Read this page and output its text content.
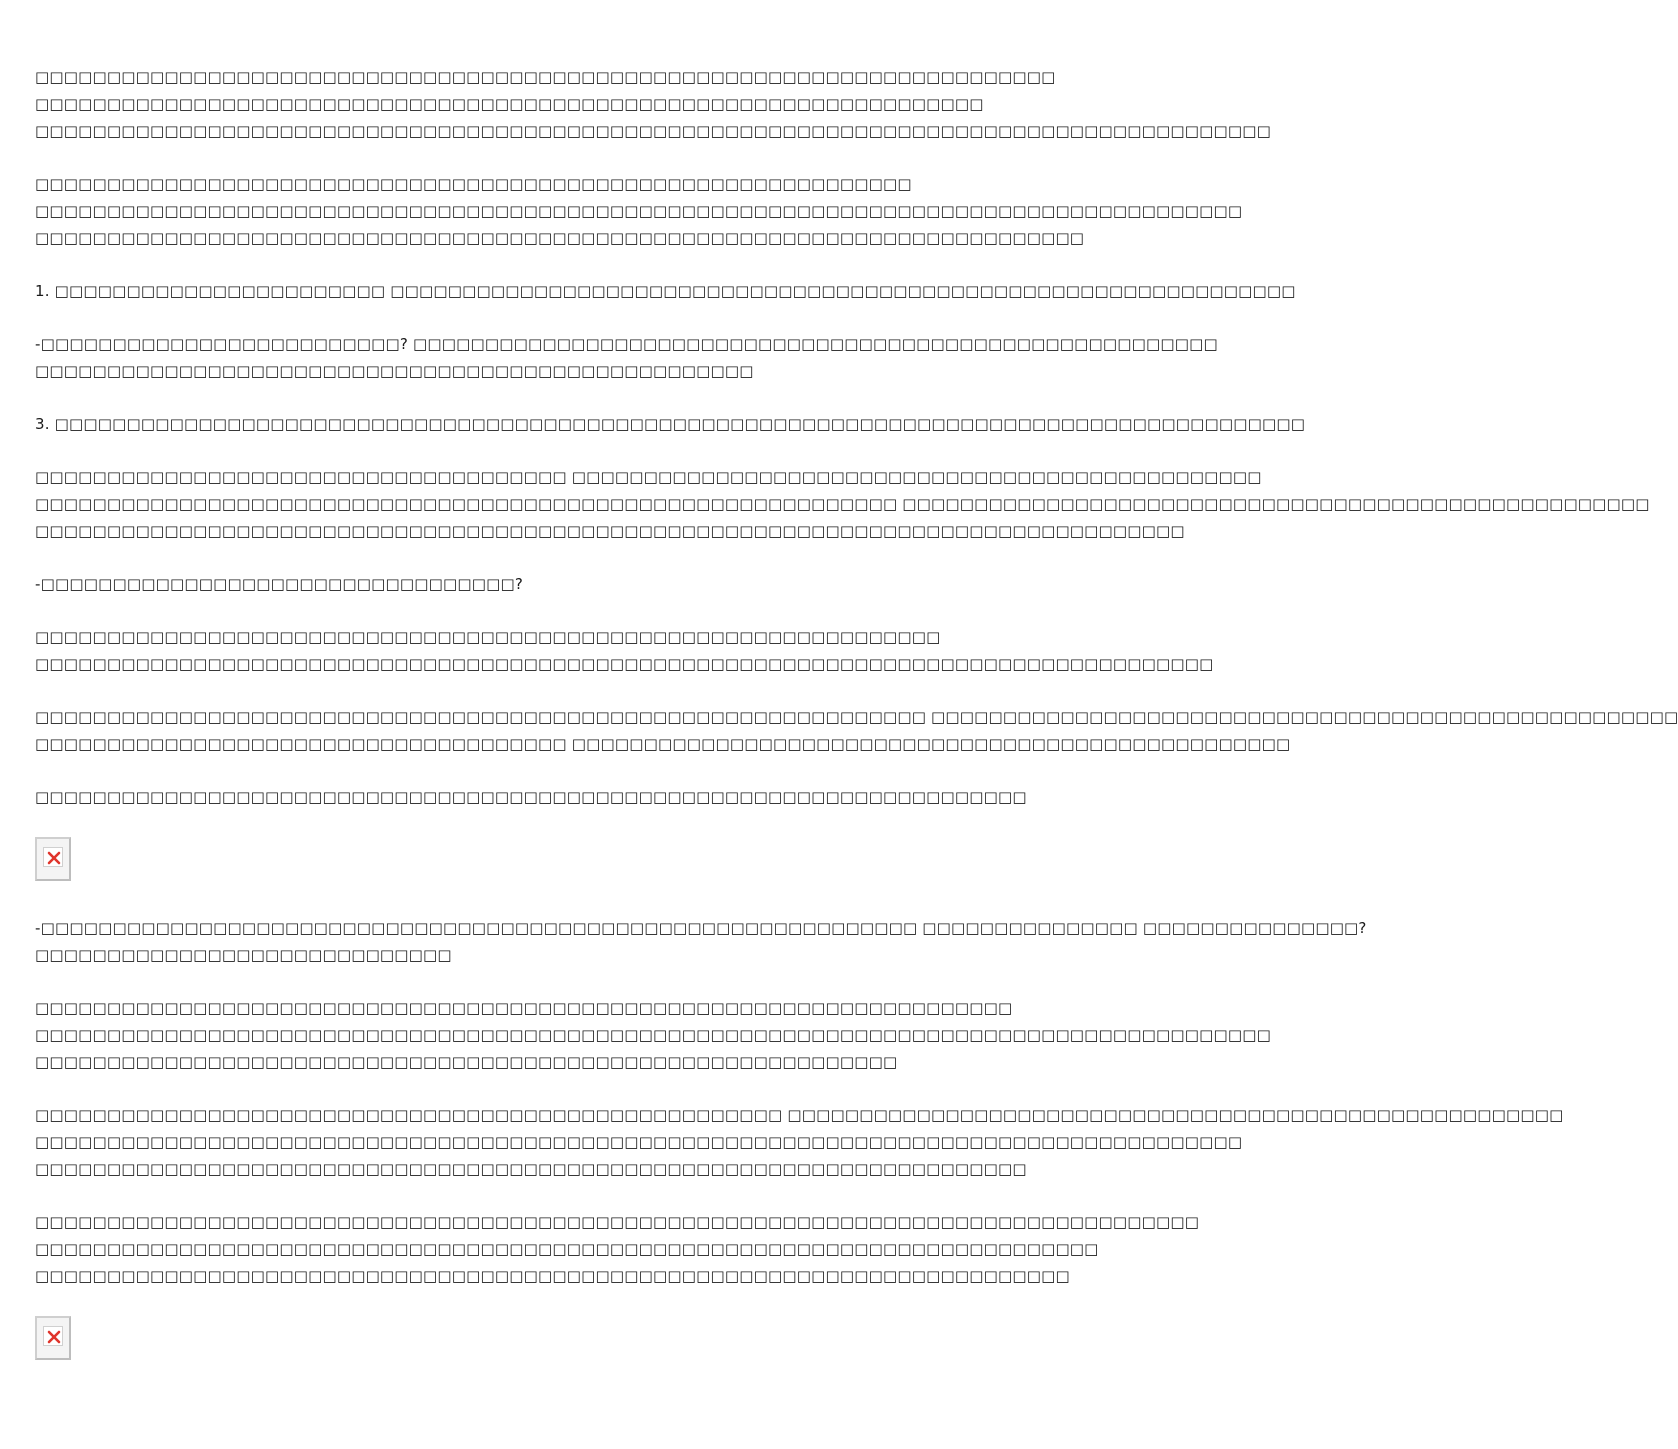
□□□□□□□□□□□□□□□□□□□□□□□□□□□□□□□□□□□□□□□□□□□□□□□□□□□□□□□□□□□□□□□□□□□□□□□
□□□□□□□□□□□□□□□□□□□□□□□□□□□□□□□□□□□□□□□□□□□□□□□□□□□□□□□□□□□□□□□□□□
□□□□□□□□□□□□□□□□□□□□□□□□□□□□□□□□□□□□□□□□□□□□□□□□□□□□□□□□□□□□□□□□□□□□□□□□□□□□□□□□□□□□□□

□□□□□□□□□□□□□□□□□□□□□□□□□□□□□□□□□□□□□□□□□□□□□□□□□□□□□□□□□□□□□
□□□□□□□□□□□□□□□□□□□□□□□□□□□□□□□□□□□□□□□□□□□□□□□□□□□□□□□□□□□□□□□□□□□□□□□□□□□□□□□□□□□□
□□□□□□□□□□□□□□□□□□□□□□□□□□□□□□□□□□□□□□□□□□□□□□□□□□□□□□□□□□□□□□□□□□□□□□□□□

1. □□□□□□□□□□□□□□□□□□□□□□□ □□□□□□□□□□□□□□□□□□□□□□□□□□□□□□□□□□□□□□□□□□□□□□□□□□□□□□□□□□□□□□□

-□□□□□□□□□□□□□□□□□□□□□□□□□? □□□□□□□□□□□□□□□□□□□□□□□□□□□□□□□□□□□□□□□□□□□□□□□□□□□□□□□□
□□□□□□□□□□□□□□□□□□□□□□□□□□□□□□□□□□□□□□□□□□□□□□□□□□

3. □□□□□□□□□□□□□□□□□□□□□□□□□□□□□□□□□□□□□□□□□□□□□□□□□□□□□□□□□□□□□□□□□□□□□□□□□□□□□□□□□□□□□□□

□□□□□□□□□□□□□□□□□□□□□□□□□□□□□□□□□□□□□ □□□□□□□□□□□□□□□□□□□□□□□□□□□□□□□□□□□□□□□□□□□□□□□□
□□□□□□□□□□□□□□□□□□□□□□□□□□□□□□□□□□□□□□□□□□□□□□□□□□□□□□□□□□□□ □□□□□□□□□□□□□□□□□□□□□□□□□□□□□□□□□□□□□□□□□□□□□□□□□□□□
□□□□□□□□□□□□□□□□□□□□□□□□□□□□□□□□□□□□□□□□□□□□□□□□□□□□□□□□□□□□□□□□□□□□□□□□□□□□□□□□

-□□□□□□□□□□□□□□□□□□□□□□□□□□□□□□□□□?

□□□□□□□□□□□□□□□□□□□□□□□□□□□□□□□□□□□□□□□□□□□□□□□□□□□□□□□□□□□□□□□
□□□□□□□□□□□□□□□□□□□□□□□□□□□□□□□□□□□□□□□□□□□□□□□□□□□□□□□□□□□□□□□□□□□□□□□□□□□□□□□□□□

□□□□□□□□□□□□□□□□□□□□□□□□□□□□□□□□□□□□□□□□□□□□□□□□□□□□□□□□□□□□□□ □□□□□□□□□□□□□□□□□□□□□□□□□□□□□□□□□□□□□□□□□□□□□□□□□□□□
□□□□□□□□□□□□□□□□□□□□□□□□□□□□□□□□□□□□□ □□□□□□□□□□□□□□□□□□□□□□□□□□□□□□□□□□□□□□□□□□□□□□□□□□

□□□□□□□□□□□□□□□□□□□□□□□□□□□□□□□□□□□□□□□□□□□□□□□□□□□□□□□□□□□□□□□□□□□□□

-□□□□□□□□□□□□□□□□□□□□□□□□□□□□□□□□□□□□□□□□□□□□□□□□□□□□□□□□□□□□□ □□□□□□□□□□□□□□□ □□□□□□□□□□□□□□□?
□□□□□□□□□□□□□□□□□□□□□□□□□□□□□

□□□□□□□□□□□□□□□□□□□□□□□□□□□□□□□□□□□□□□□□□□□□□□□□□□□□□□□□□□□□□□□□□□□□
□□□□□□□□□□□□□□□□□□□□□□□□□□□□□□□□□□□□□□□□□□□□□□□□□□□□□□□□□□□□□□□□□□□□□□□□□□□□□□□□□□□□□□
□□□□□□□□□□□□□□□□□□□□□□□□□□□□□□□□□□□□□□□□□□□□□□□□□□□□□□□□□□□□

□□□□□□□□□□□□□□□□□□□□□□□□□□□□□□□□□□□□□□□□□□□□□□□□□□□□ □□□□□□□□□□□□□□□□□□□□□□□□□□□□□□□□□□□□□□□□□□□□□□□□□□□□□□
□□□□□□□□□□□□□□□□□□□□□□□□□□□□□□□□□□□□□□□□□□□□□□□□□□□□□□□□□□□□□□□□□□□□□□□□□□□□□□□□□□□□
□□□□□□□□□□□□□□□□□□□□□□□□□□□□□□□□□□□□□□□□□□□□□□□□□□□□□□□□□□□□□□□□□□□□□

□□□□□□□□□□□□□□□□□□□□□□□□□□□□□□□□□□□□□□□□□□□□□□□□□□□□□□□□□□□□□□□□□□□□□□□□□□□□□□□□□
□□□□□□□□□□□□□□□□□□□□□□□□□□□□□□□□□□□□□□□□□□□□□□□□□□□□□□□□□□□□□□□□□□□□□□□□□□
□□□□□□□□□□□□□□□□□□□□□□□□□□□□□□□□□□□□□□□□□□□□□□□□□□□□□□□□□□□□□□□□□□□□□□□□
